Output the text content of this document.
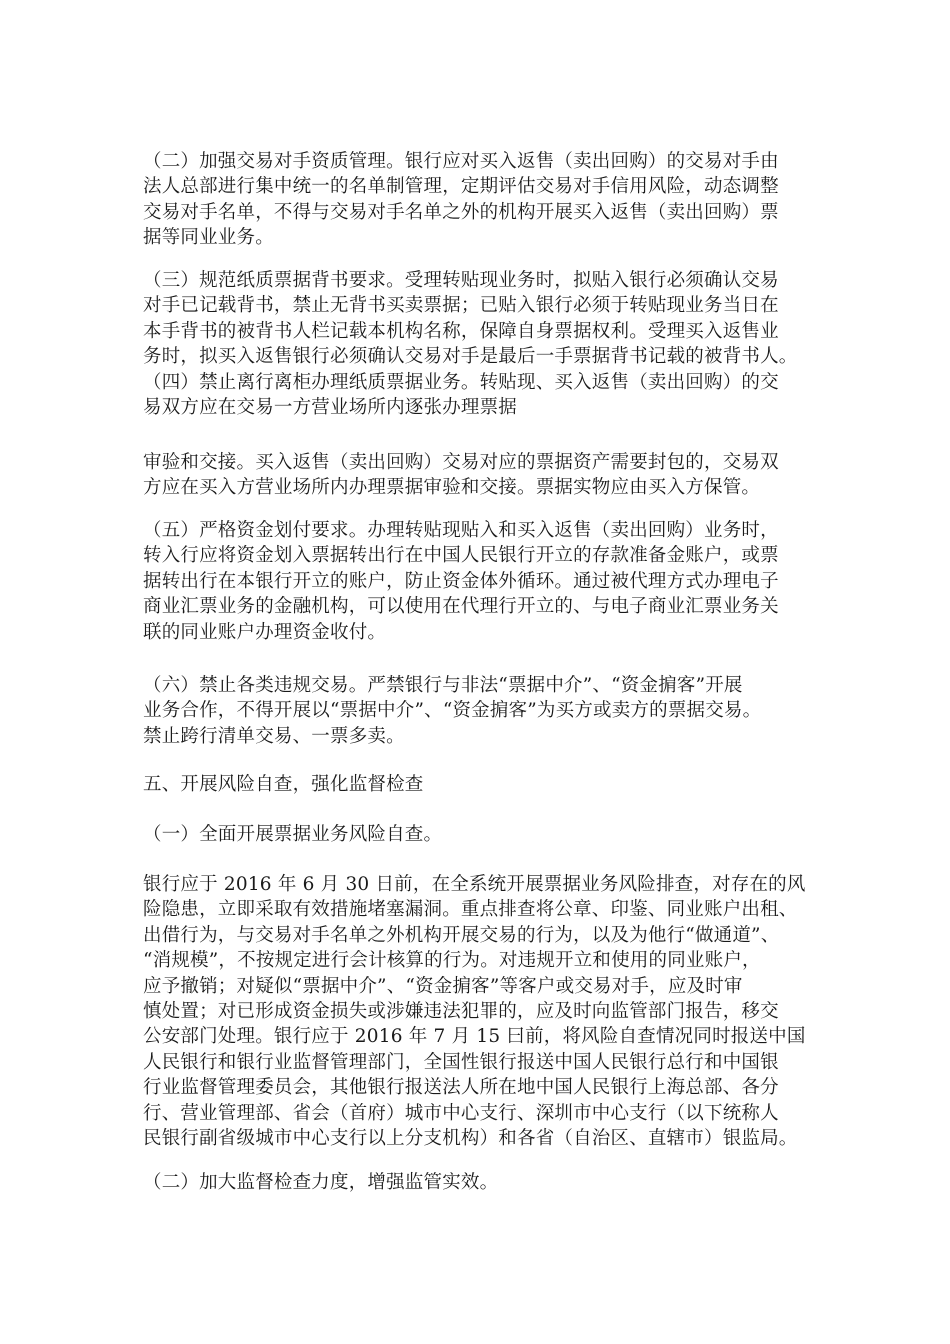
（二）加强交易对手资质管理。银行应对买入返售（卖出回购）的交易对手由
法人总部进行集中统一的名单制管理，定期评估交易对手信用风险，动态调整
交易对手名单，不得与交易对手名单之外的机构开展买入返售（卖出回购）票
据等同业业务。

（三）规范纸质票据背书要求。受理转贴现业务时，拟贴入银行必须确认交易
对手已记载背书，禁止无背书买卖票据；已贴入银行必须于转贴现业务当日在
本手背书的被背书人栏记载本机构名称，保障自身票据权利。受理买入返售业
务时，拟买入返售银行必须确认交易对手是最后一手票据背书记载的被背书人。
（四）禁止离行离柜办理纸质票据业务。转贴现、买入返售（卖出回购）的交
易双方应在交易一方营业场所内逐张办理票据

审验和交接。买入返售（卖出回购）交易对应的票据资产需要封包的，交易双
方应在买入方营业场所内办理票据审验和交接。票据实物应由买入方保管。

（五）严格资金划付要求。办理转贴现贴入和买入返售（卖出回购）业务时，
转入行应将资金划入票据转出行在中国人民银行开立的存款准备金账户，或票
据转出行在本银行开立的账户，防止资金体外循环。通过被代理方式办理电子
商业汇票业务的金融机构，可以使用在代理行开立的、与电子商业汇票业务关
联的同业账户办理资金收付。

（六）禁止各类违规交易。严禁银行与非法“票据中介”、“资金掮客”开展
业务合作，不得开展以“票据中介”、“资金掮客”为买方或卖方的票据交易。
禁止跨行清单交易、一票多卖。

五、开展风险自查，强化监督检查

（一）全面开展票据业务风险自查。

银行应于 2016 年 6 月 30 日前，在全系统开展票据业务风险排查，对存在的风
险隐患，立即采取有效措施堵塞漏洞。重点排查将公章、印鉴、同业账户出租、
出借行为，与交易对手名单之外机构开展交易的行为，以及为他行“做通道”、
“消规模”，不按规定进行会计核算的行为。对违规开立和使用的同业账户，
应予撤销；对疑似“票据中介”、“资金掮客”等客户或交易对手，应及时审
慎处置；对已形成资金损失或涉嫌违法犯罪的，应及时向监管部门报告，移交
公安部门处理。银行应于 2016 年 7 月 15 曰前，将风险自查情况同时报送中国
人民银行和银行业监督管理部门，全国性银行报送中国人民银行总行和中国银
行业监督管理委员会，其他银行报送法人所在地中国人民银行上海总部、各分
行、营业管理部、省会（首府）城市中心支行、深圳市中心支行（以下统称人
民银行副省级城市中心支行以上分支机构）和各省（自治区、直辖市）银监局。

（二）加大监督检查力度，增强监管实效。
